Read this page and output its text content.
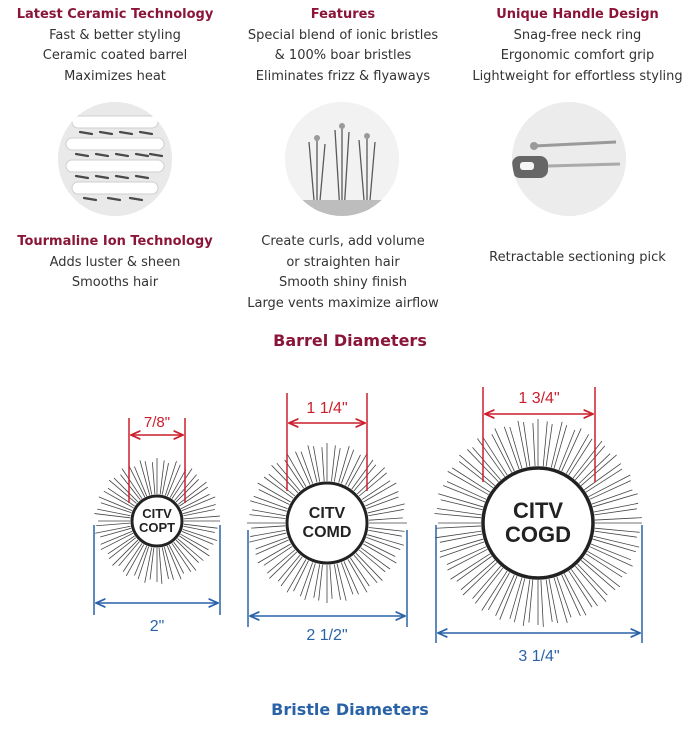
Latest Ceramic Technology
Fast & better styling
Ceramic coated barrel
Maximizes heat
Features
Special blend of ionic bristles
& 100% boar bristles
Eliminates frizz & flyaways
Unique Handle Design
Snag-free neck ring
Ergonomic comfort grip
Lightweight for effortless styling
Tourmaline Ion Technology
Adds luster & sheen
Smooths hair
Create curls, add volume
or straighten hair
Smooth shiny finish
Large vents maximize airflow
Retractable sectioning pick
Barrel Diameters
CITV
COPT
7/8"
2"
CITV
COMD
1 1/4"
2 1/2"
CITV
COGD
1 3/4"
3 1/4"
Bristle Diameters
